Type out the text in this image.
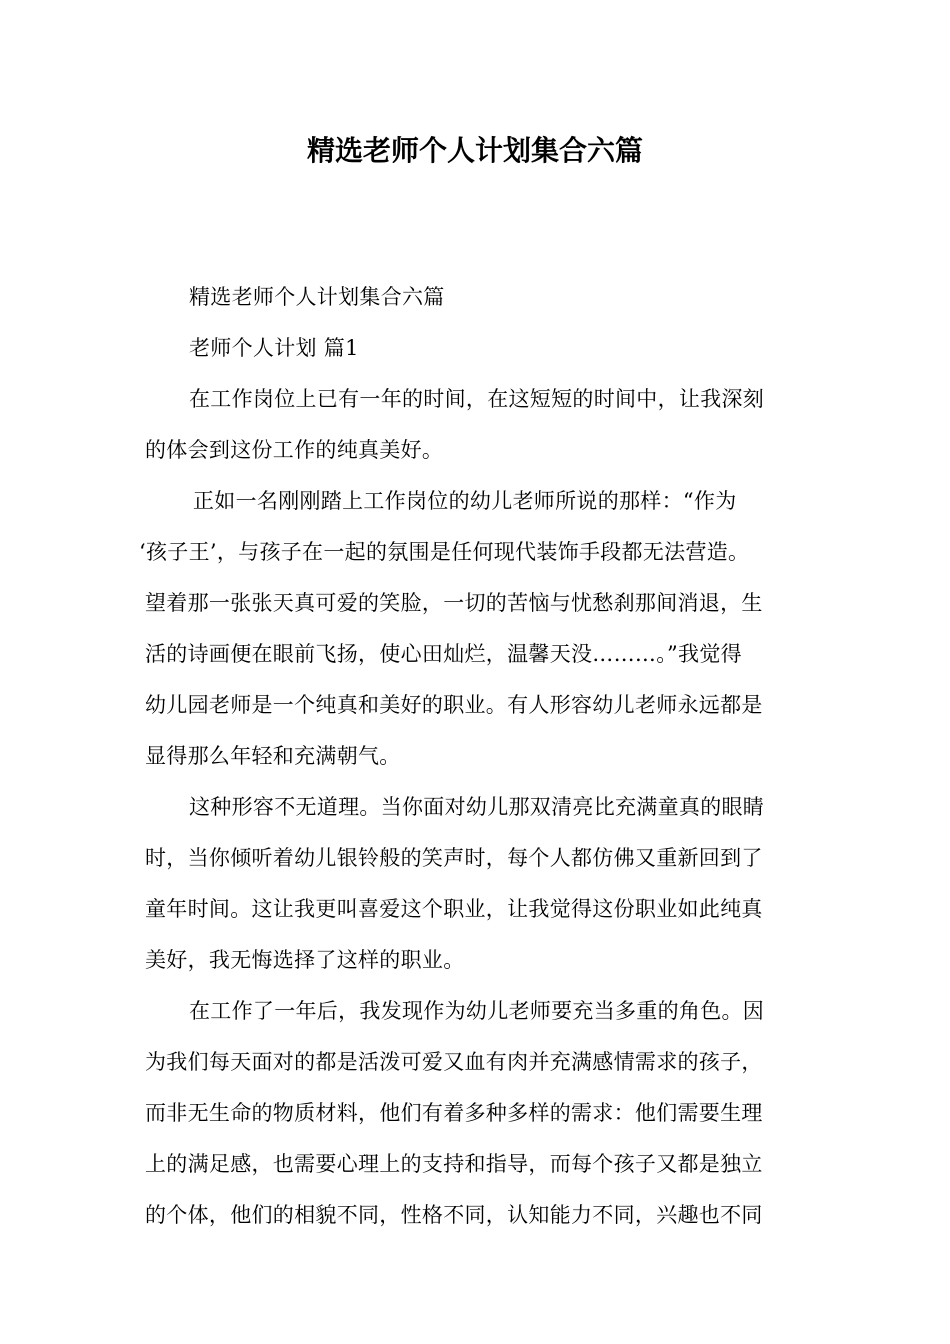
精选老师个人计划集合六篇
精选老师个人计划集合六篇
老师个人计划 篇1
在工作岗位上已有一年的时间，在这短短的时间中，让我深刻
的体会到这份工作的纯真美好。
正如一名刚刚踏上工作岗位的幼儿老师所说的那样：“作为
‘孩子王’，与孩子在一起的氛围是任何现代装饰手段都无法营造。
望着那一张张天真可爱的笑脸，一切的苦恼与忧愁刹那间消退，生
活的诗画便在眼前飞扬，使心田灿烂，温馨天没………。”我觉得
幼儿园老师是一个纯真和美好的职业。有人形容幼儿老师永远都是
显得那么年轻和充满朝气。
这种形容不无道理。当你面对幼儿那双清亮比充满童真的眼睛
时，当你倾听着幼儿银铃般的笑声时，每个人都仿佛又重新回到了
童年时间。这让我更叫喜爱这个职业，让我觉得这份职业如此纯真
美好，我无悔选择了这样的职业。
在工作了一年后，我发现作为幼儿老师要充当多重的角色。因
为我们每天面对的都是活泼可爱又血有肉并充满感情需求的孩子，
而非无生命的物质材料，他们有着多种多样的需求：他们需要生理
上的满足感，也需要心理上的支持和指导，而每个孩子又都是独立
的个体，他们的相貌不同，性格不同，认知能力不同，兴趣也不同
